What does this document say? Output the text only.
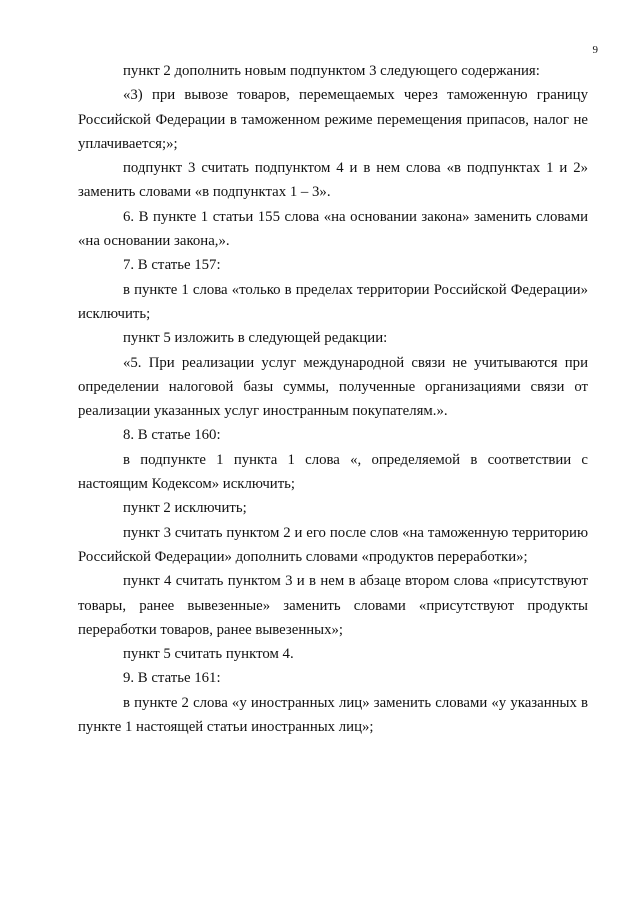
9

пункт 2 дополнить новым подпунктом 3 следующего содержания:

«3) при вывозе товаров, перемещаемых через таможенную границу Российской Федерации в таможенном режиме перемещения припасов, налог не уплачивается;»;

подпункт 3 считать подпунктом 4 и в нем слова «в подпунктах 1 и 2» заменить словами «в подпунктах 1 – 3».

6. В пункте 1 статьи 155 слова «на основании закона» заменить словами «на основании закона,».

7. В статье 157:

в пункте 1 слова «только в пределах территории Российской Федерации» исключить;

пункт 5 изложить в следующей редакции:

«5. При реализации услуг международной связи не учитываются при определении налоговой базы суммы, полученные организациями связи от реализации указанных услуг иностранным покупателям.».

8. В статье 160:

в подпункте 1 пункта 1 слова «, определяемой в соответствии с настоящим Кодексом» исключить;

пункт 2 исключить;

пункт 3 считать пунктом 2 и его после слов «на таможенную территорию Российской Федерации» дополнить словами «продуктов переработки»;

пункт 4 считать пунктом 3 и в нем в абзаце втором слова «присутствуют товары, ранее вывезенные» заменить словами «присутствуют продукты переработки товаров, ранее вывезенных»;

пункт 5 считать пунктом 4.

9. В статье 161:

в пункте 2 слова «у иностранных лиц» заменить словами «у указанных в пункте 1 настоящей статьи иностранных лиц»;
